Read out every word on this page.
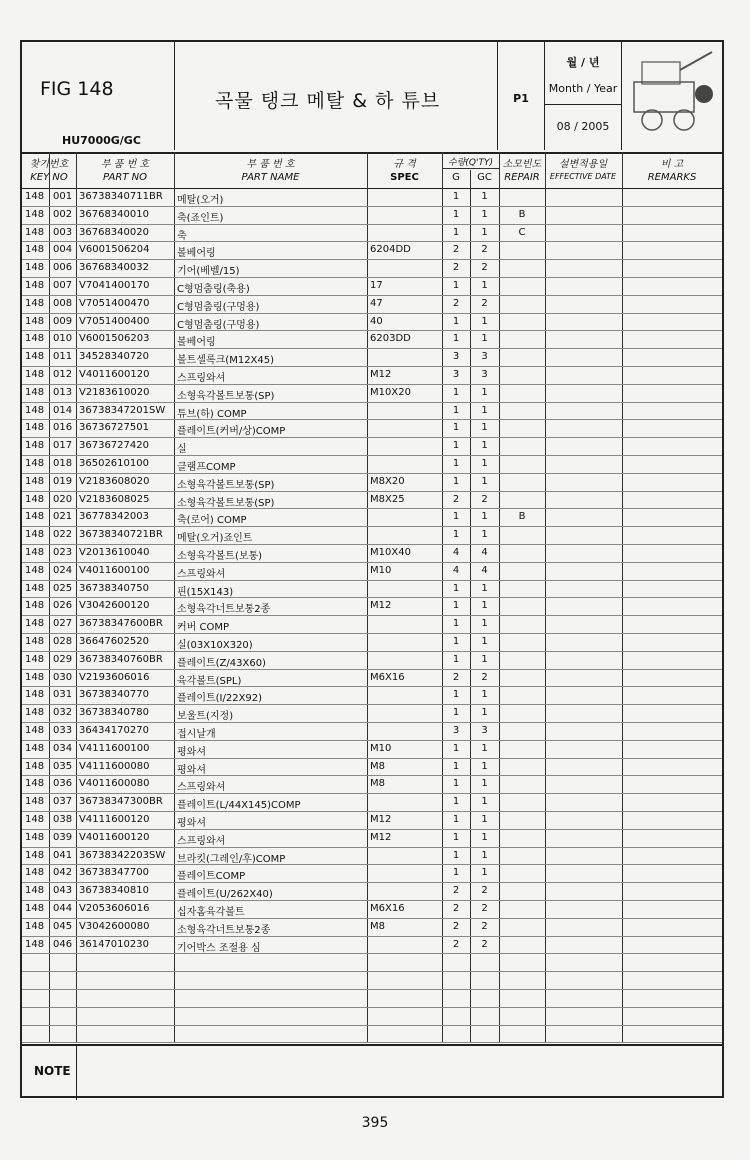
FIG 148
HU7000G/GC
곡물 탱크 메탈 & 하 튜브	P1
월 / 년
Month / Year
08 / 2005
찾기번호
KEY NO
부 품 번 호
PART NO
부 품 번 호
PART NAME
규 격
SPEC
수량(Q'TY)
G	GC
소모빈도
REPAIR
설변적용일
EFFECTIVE DATE
비 고
REMARKS
148 001 36738340711BR 메탈(오거)	1	1
148 002 36768340010	축(죠인트)	1	1	B
148 003 36768340020	축	1	1	C
148 004 V6001506204	볼베어링	6204DD	2	2
148 006 36768340032	기어(베벨/15)	2	2
148 007 V7041400170	C형멈춤링(축용)	17	1	1
148 008 V7051400470	C형멈춤링(구멍용)	47	2	2
148 009 V7051400400	C형멈춤링(구멍용)	40	1	1
148 010 V6001506203	볼베어링	6203DD	1	1
148 011 34528340720	볼트셀록크(M12X45)	3	3
148 012 V4011600120	스프링와셔	M12	3	3
148 013 V2183610020	소형육각볼트보통(SP)	M10X20	1	1
148 014 36738347201SW 튜브(하) COMP	1	1
148 016 36736727501	플레이트(커버/상)COMP	1	1
148 017 36736727420	실	1	1
148 018 36502610100	클램프COMP	1	1
148 019 V2183608020	소형육각볼트보통(SP)	M8X20	1	1
148 020 V2183608025	소형육각볼트보통(SP)	M8X25	2	2
148 021 36778342003	축(로어) COMP	1	1	B
148 022 36738340721BR 메탈(오거)죠인트	1	1
148 023 V2013610040	소형육각볼트(보통)	M10X40	4	4
148 024 V4011600100	스프링와셔	M10	4	4
148 025 36738340750	핀(15X143)	1	1
148 026 V3042600120	소형육각너트보통2종	M12	1	1
148 027 36738347600BR 커버 COMP	1	1
148 028 36647602520	실(03X10X320)	1	1
148 029 36738340760BR 플레이트(Z/43X60)	1	1
148 030 V2193606016	육각볼트(SPL)	M6X16	2	2
148 031 36738340770	플레이트(I/22X92)	1	1
148 032 36738340780	보울트(지정)	1	1
148 033 36434170270	접시날개	3	3
148 034 V4111600100	평와셔	M10	1	1
148 035 V4111600080	평와셔	M8	1	1
148 036 V4011600080	스프링와셔	M8	1	1
148 037 36738347300BR 플레이트(L/44X145)COMP	1	1
148 038 V4111600120	평와셔	M12	1	1
148 039 V4011600120	스프링와셔	M12	1	1
148 041 36738342203SW 브라킷(그레인/후)COMP	1	1
148 042 36738347700	플레이트COMP	1	1
148 043 36738340810	플레이트(U/262X40)	2	2
148 044 V2053606016	십자홈육각볼트	M6X16	2	2
148 045 V3042600080	소형육각너트보통2종	M8	2	2
148 046 36147010230	기어박스 조절용 심	2	2
NOTE
395
